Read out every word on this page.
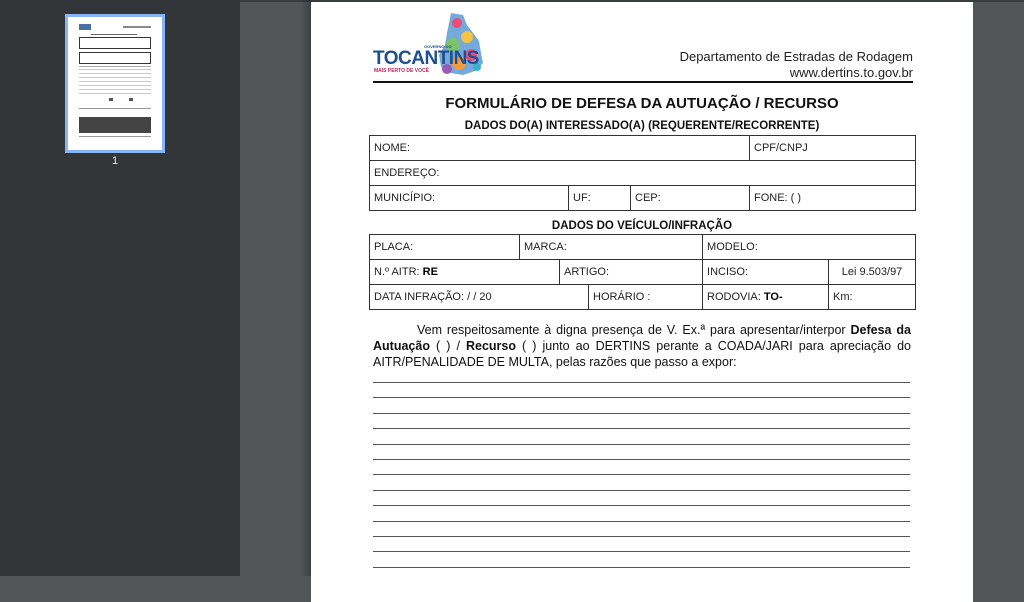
1
GOVERNO DO
TOCANTINS
MAIS PERTO DE VOCÊ
Departamento de Estradas de Rodagem
www.dertins.to.gov.br
FORMULÁRIO DE DEFESA DA AUTUAÇÃO / RECURSO
DADOS DO(A) INTERESSADO(A) (REQUERENTE/RECORRENTE)
NOME:			CPF/CNPJ
ENDEREÇO:			
MUNICÍPIO:	UF:	CEP:	FONE: ( )
DADOS DO VEÍCULO/INFRAÇÃO
PLACA:	MARCA:			MODELO:	
N.º AITR: RE		ARTIGO:		INCISO:	Lei 9.503/97
DATA INFRAÇÃO: / / 20			HORÁRIO :	RODOVIA: TO-	Km:
Vem respeitosamente à digna presença de V. Ex.ª para apresentar/interpor Defesa da Autuação ( ) / Recurso ( ) junto ao DERTINS perante a COADA/JARI para apreciação do AITR/PENALIDADE DE MULTA, pelas razões que passo a expor:
